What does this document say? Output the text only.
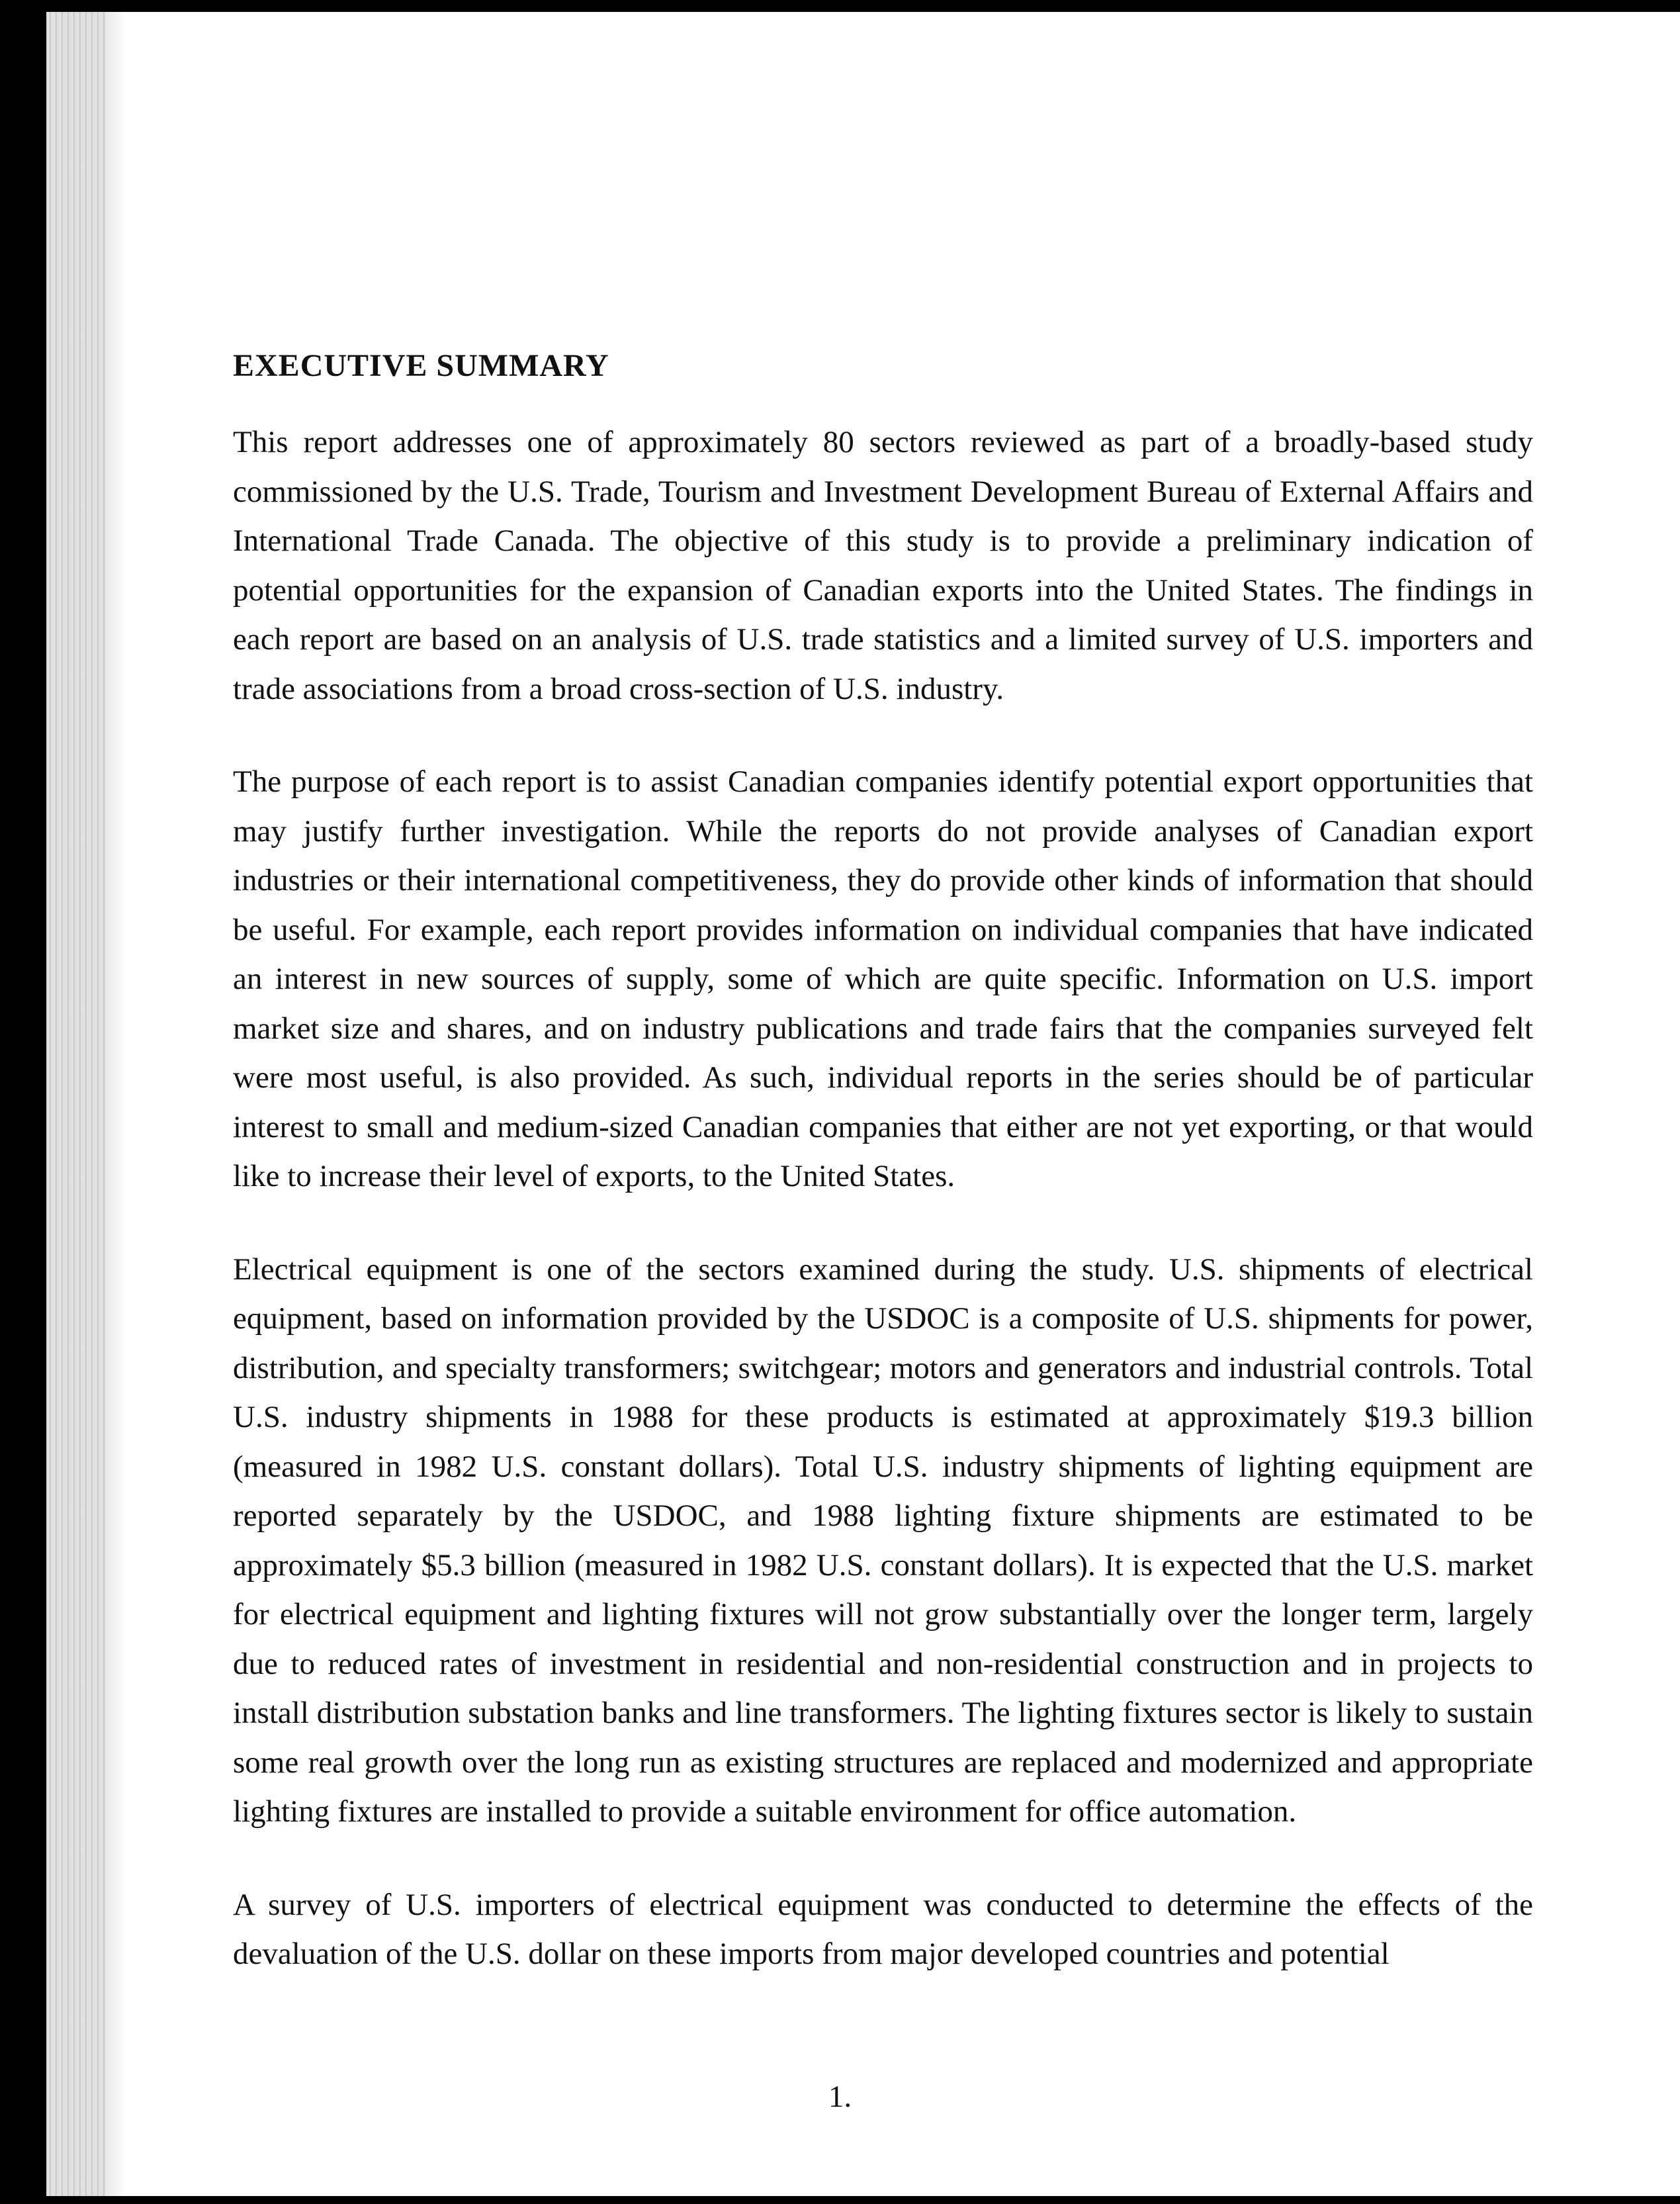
EXECUTIVE SUMMARY

This report addresses one of approximately 80 sectors reviewed as part of a broadly-based study commissioned by the U.S. Trade, Tourism and Investment Development Bureau of External Affairs and International Trade Canada. The objective of this study is to provide a preliminary indication of potential opportunities for the expansion of Canadian exports into the United States. The findings in each report are based on an analysis of U.S. trade statistics and a limited survey of U.S. importers and trade associations from a broad cross-section of U.S. industry.

The purpose of each report is to assist Canadian companies identify potential export opportunities that may justify further investigation. While the reports do not provide analyses of Canadian export industries or their international competitiveness, they do provide other kinds of information that should be useful. For example, each report provides information on individual companies that have indicated an interest in new sources of supply, some of which are quite specific. Information on U.S. import market size and shares, and on industry publications and trade fairs that the companies surveyed felt were most useful, is also provided. As such, individual reports in the series should be of particular interest to small and medium-sized Canadian companies that either are not yet exporting, or that would like to increase their level of exports, to the United States.

Electrical equipment is one of the sectors examined during the study. U.S. shipments of electrical equipment, based on information provided by the USDOC is a composite of U.S. shipments for power, distribution, and specialty transformers; switchgear; motors and generators and industrial controls. Total U.S. industry shipments in 1988 for these products is estimated at approximately $19.3 billion (measured in 1982 U.S. constant dollars). Total U.S. industry shipments of lighting equipment are reported separately by the USDOC, and 1988 lighting fixture shipments are estimated to be approximately $5.3 billion (measured in 1982 U.S. constant dollars). It is expected that the U.S. market for electrical equipment and lighting fixtures will not grow substantially over the longer term, largely due to reduced rates of investment in residential and non-residential construction and in projects to install distribution substation banks and line transformers. The lighting fixtures sector is likely to sustain some real growth over the long run as existing structures are replaced and modernized and appropriate lighting fixtures are installed to provide a suitable environment for office automation.

A survey of U.S. importers of electrical equipment was conducted to determine the effects of the devaluation of the U.S. dollar on these imports from major developed countries and potential

1.
